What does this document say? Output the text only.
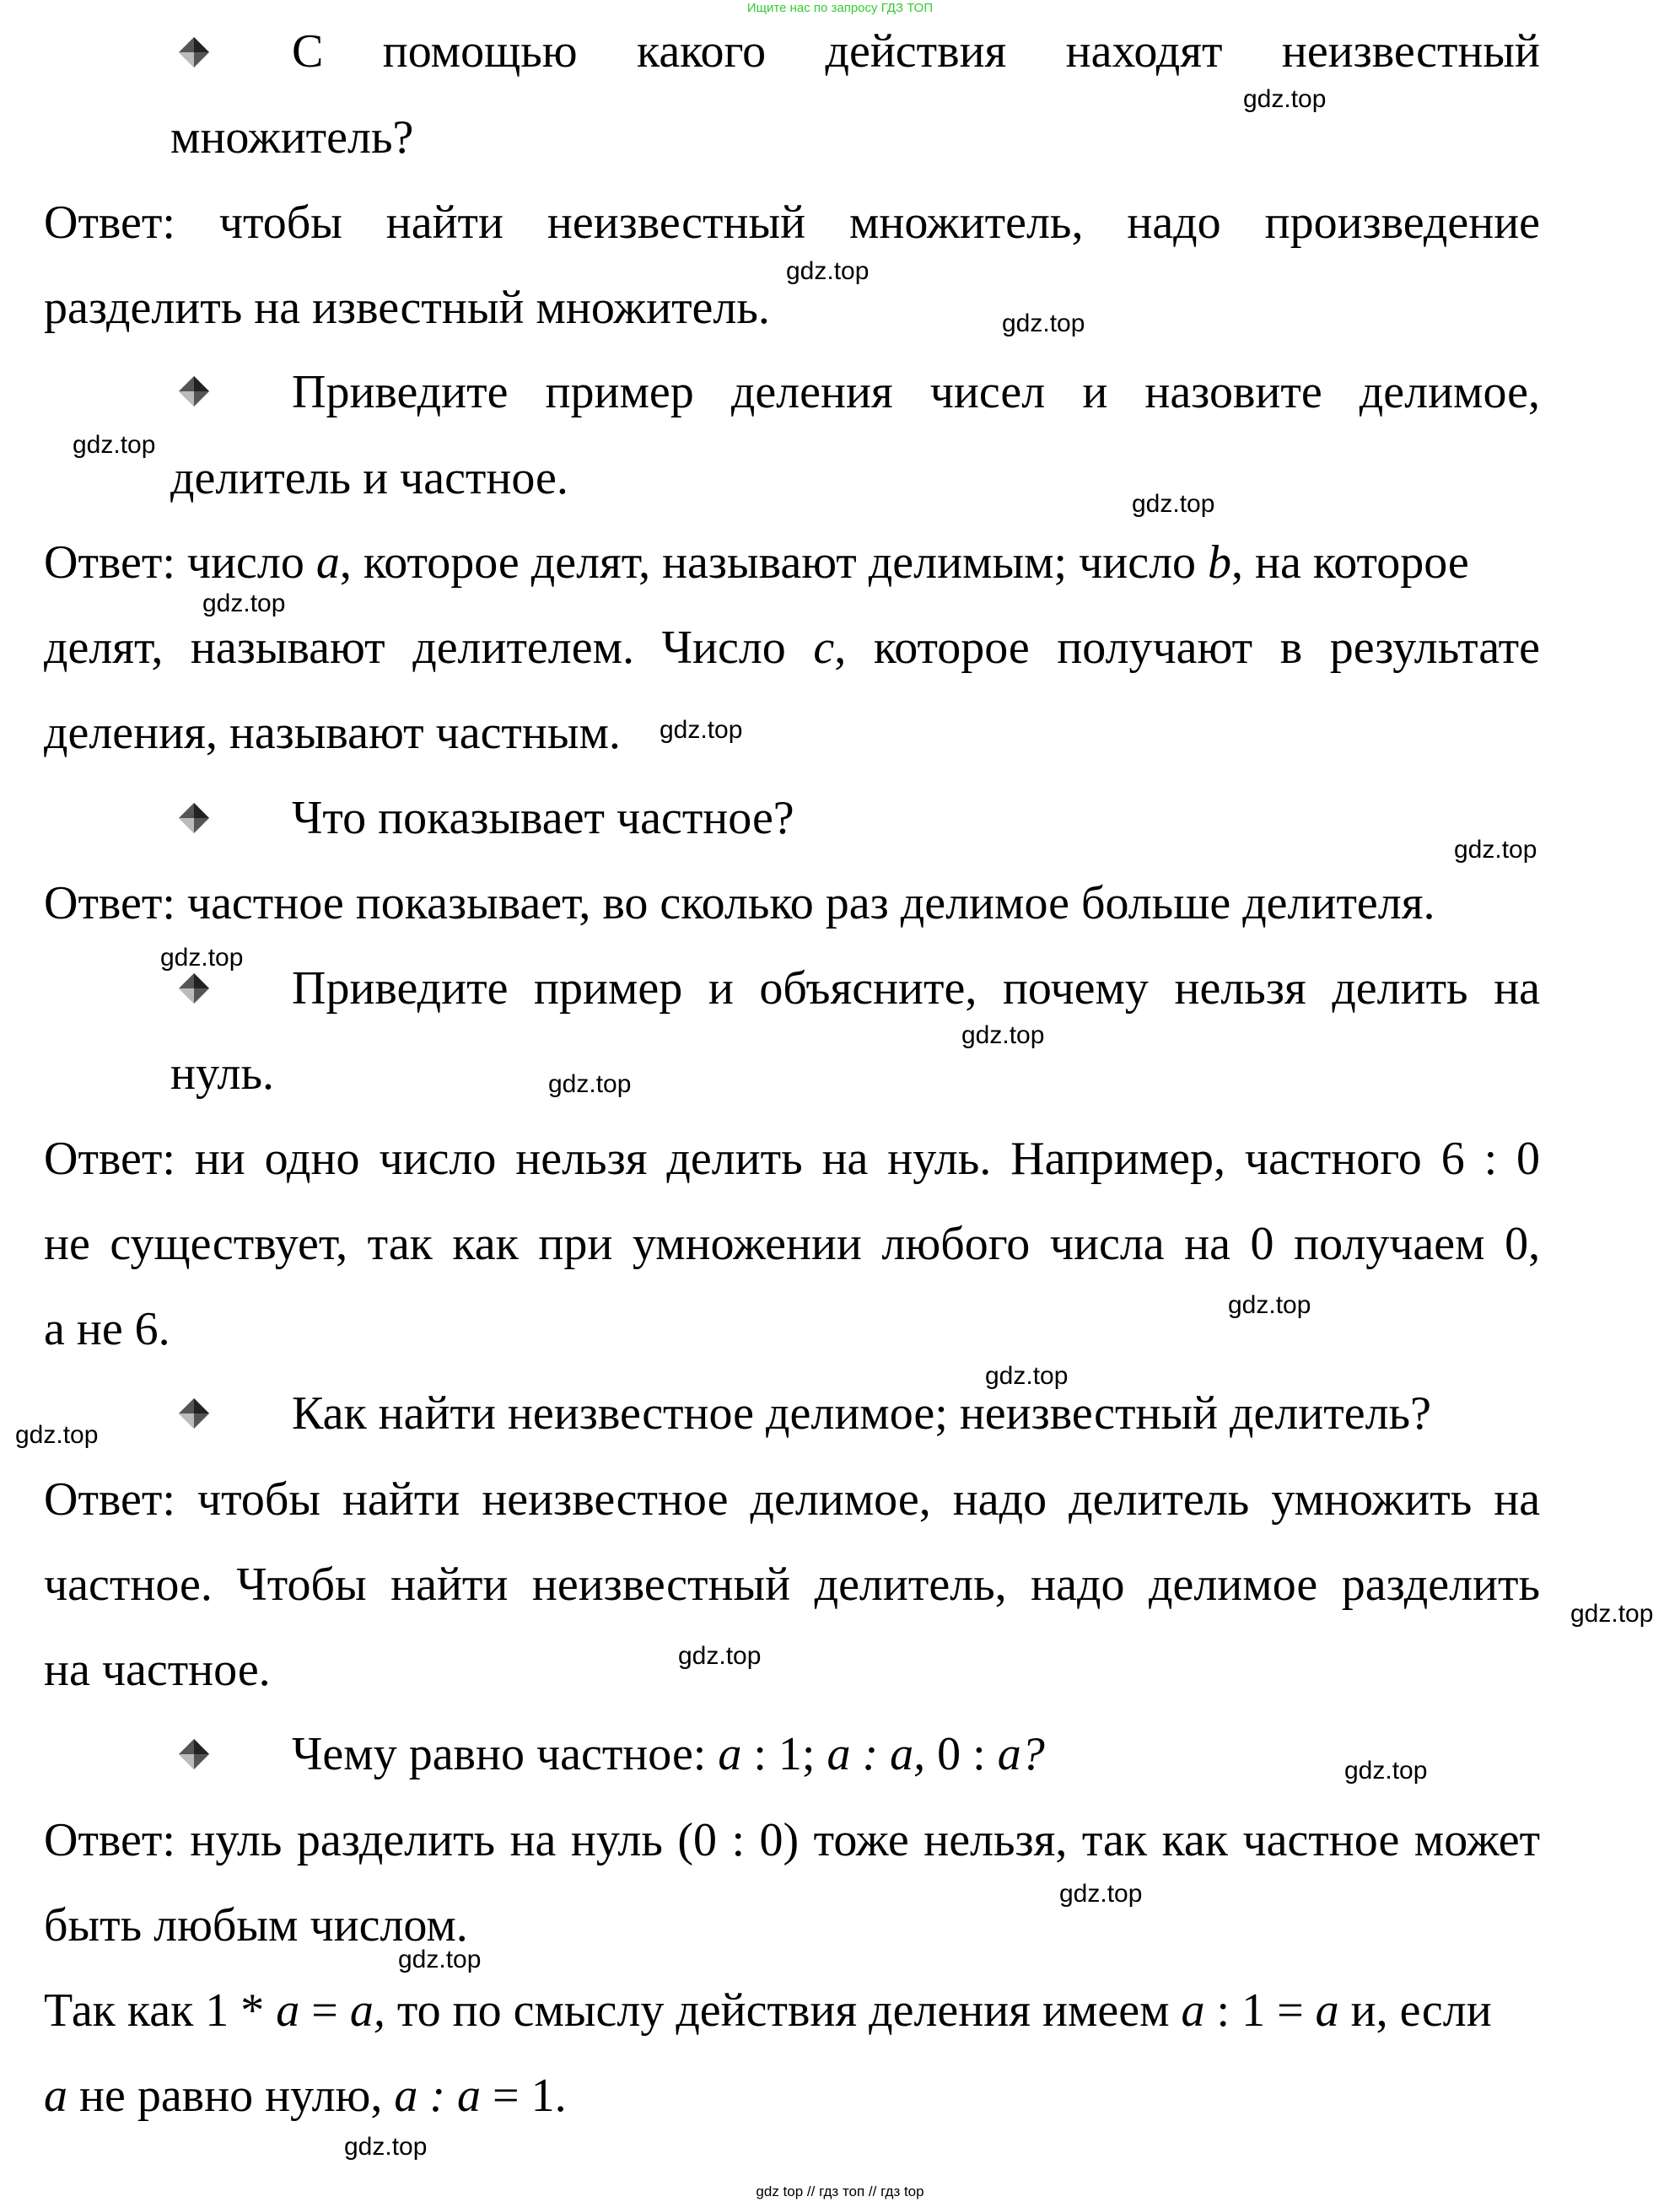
Ищите нас по запросу ГДЗ ТОП
С помощью какого действия находят неизвестный
множитель?
Ответ: чтобы найти неизвестный множитель, надо произведение
разделить на известный множитель.
Приведите пример деления чисел и назовите делимое,
делитель и частное.
Ответ: число a, которое делят, называют делимым; число b, на которое
делят, называют делителем. Число c, которое получают в результате
деления, называют частным.
Что показывает частное?
Ответ: частное показывает, во сколько раз делимое больше делителя.
Приведите пример и объясните, почему нельзя делить на
нуль.
Ответ: ни одно число нельзя делить на нуль. Например, частного 6 : 0
не существует, так как при умножении любого числа на 0 получаем 0,
а не 6.
Как найти неизвестное делимое; неизвестный делитель?
Ответ: чтобы найти неизвестное делимое, надо делитель умножить на
частное. Чтобы найти неизвестный делитель, надо делимое разделить
на частное.
Чему равно частное: a : 1; a : a, 0 : a?
Ответ: нуль разделить на нуль (0 : 0) тоже нельзя, так как частное может
быть любым числом.
Так как 1 * a = a, то по смыслу действия деления имеем a : 1 = a и, если
a не равно нулю, a : a = 1.
gdz.top
gdz.top
gdz.top
gdz.top
gdz.top
gdz.top
gdz.top
gdz.top
gdz.top
gdz.top
gdz.top
gdz.top
gdz.top
gdz.top
gdz.top
gdz.top
gdz.top
gdz.top
gdz.top
gdz.top
gdz top // гдз топ // гдз top
